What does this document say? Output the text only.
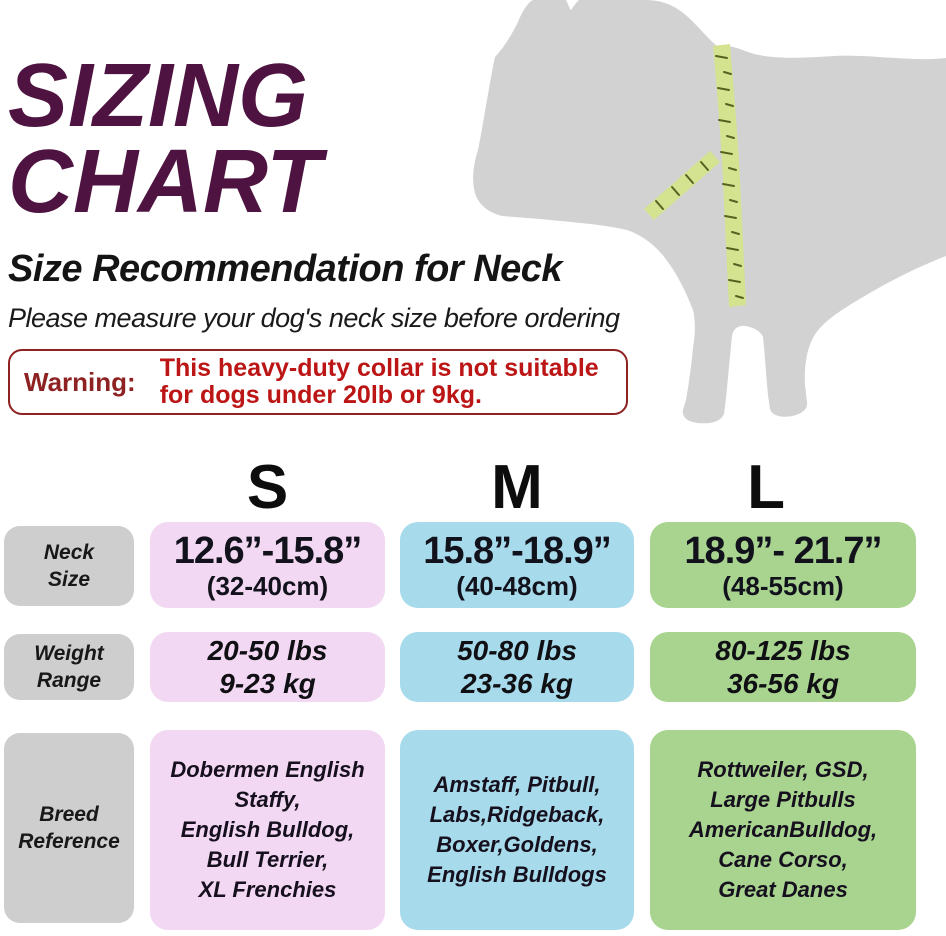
SIZING
CHART
Size Recommendation for Neck
Please measure your dog's neck size before ordering
Warning: This heavy-duty collar is not suitable
for dogs under 20lb or 9kg.
S	M	L
Neck
Size
Weight
Range
Breed
Reference
12.6”-15.8”
(32-40cm)
15.8”-18.9”
(40-48cm)
18.9”- 21.7”
(48-55cm)
20-50 lbs
9-23 kg
50-80 lbs
23-36 kg
80-125 lbs
36-56 kg
Dobermen English
Staffy,
English Bulldog,
Bull Terrier,
XL Frenchies
Amstaff, Pitbull,
Labs,Ridgeback,
Boxer,Goldens,
English Bulldogs
Rottweiler, GSD,
Large Pitbulls
AmericanBulldog,
Cane Corso,
Great Danes
